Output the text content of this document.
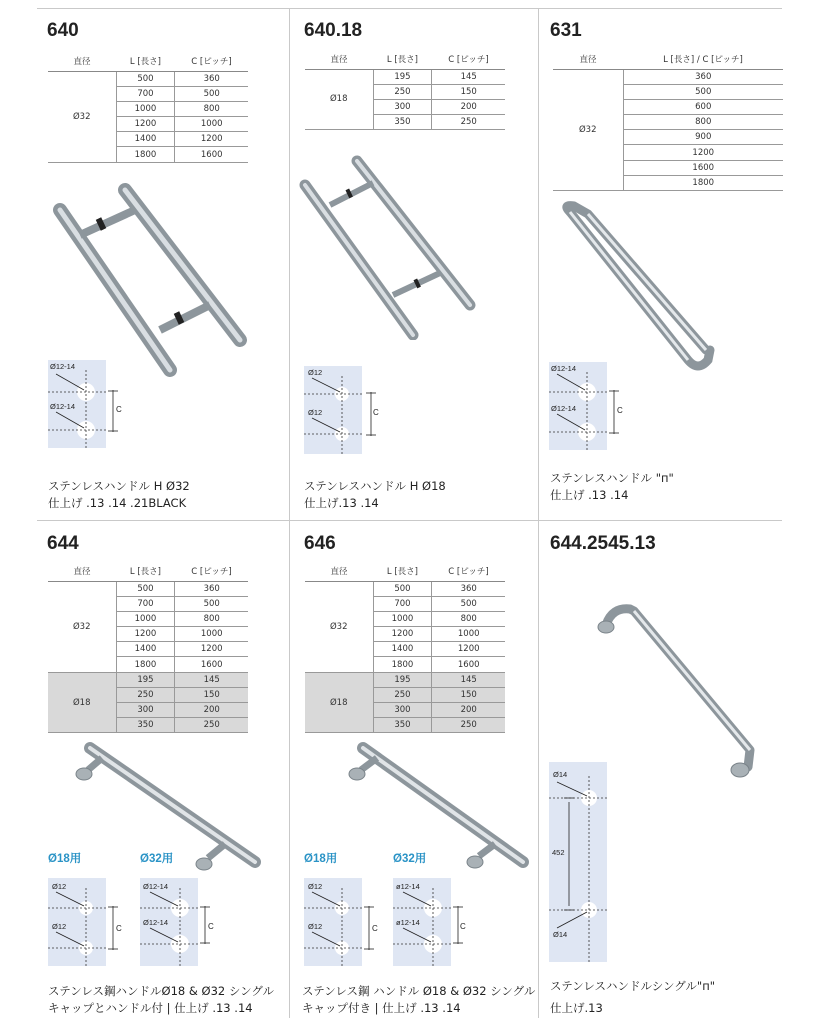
640
直径	L [長さ]	C [ピッチ]
Ø32	500	360
	700	500
	1000	800
	1200	1000
	1400	1200
	1800	1600
Ø12-14
Ø12-14	C
ステンレスハンドル H Ø32
仕上げ .13 .14 .21BLACK
640.18
直径	L [長さ]	C [ピッチ]
Ø18	195	145
	250	150
	300	200
	350	250
Ø12
Ø12	C
ステンレスハンドル H Ø18
仕上げ.13 .14
631
直径	L [長さ] / C [ピッチ]
Ø32	360
	500
	600
	800
	900
	1200
	1600
	1800
Ø12-14
Ø12-14	C
ステンレスハンドル "п"
仕上げ .13 .14
644
直径	L [長さ]	C [ピッチ]
Ø32	500	360
	700	500
	1000	800
	1200	1000
	1400	1200
	1800	1600
Ø18	195	145
	250	150
	300	200
	350	250
Ø18用	Ø32用
Ø12
Ø12	C
Ø12-14
Ø12-14	C
ステンレス鋼ハンドルØ18 & Ø32 シングル
キャップとハンドル付 | 仕上げ .13 .14
646
直径	L [長さ]	C [ピッチ]
Ø32	500	360
	700	500
	1000	800
	1200	1000
	1400	1200
	1800	1600
Ø18	195	145
	250	150
	300	200
	350	250
Ø18用	Ø32用
Ø12
Ø12	C
ø12-14
ø12-14	C
ステンレス鋼 ハンドル Ø18 & Ø32 シングル
キャップ付き | 仕上げ .13 .14
644.2545.13
Ø14
452
Ø14
ステンレスハンドルシングル"п"
仕上げ.13
